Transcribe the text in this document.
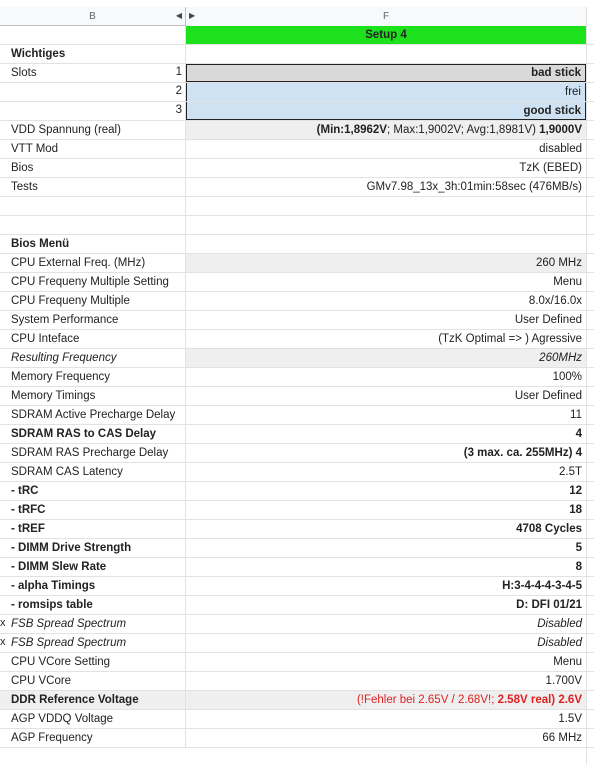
B	◀ ▶	F
Setup 4
Wichtiges
Slots	1	bad stick
2	frei
3	good stick
VDD Spannung (real)	(Min:1,8962V ; Max:1,9002V; Avg:1,8981V) 1,9000V
VTT Mod	disabled
Bios	TzK (EBED)
Tests	GMv7.98_13x_3h:01min:58sec (476MB/s)
Bios Menü
CPU External Freq. (MHz)	260 MHz
CPU Frequeny Multiple Setting	Menu
CPU Frequeny Multiple	8.0x/16.0x
System Performance	User Defined
CPU Inteface	(TzK Optimal => ) Agressive
Resulting Frequency	260MHz
Memory Frequency	100%
Memory Timings	User Defined
SDRAM Active Precharge Delay	11
SDRAM RAS to CAS Delay	4
SDRAM RAS Precharge Delay	(3 max. ca. 255MHz) 4
SDRAM CAS Latency	2.5T
- tRC	12
- tRFC	18
- tREF	4708 Cycles
- DIMM Drive Strength	5
- DIMM Slew Rate	8
- alpha Timings	H:3-4-4-4-3-4-5
- romsips table	D: DFI 01/21
x FSB Spread Spectrum	Disabled
x FSB Spread Spectrum	Disabled
CPU VCore Setting	Menu
CPU VCore	1.700V
DDR Reference Voltage	(!Fehler bei 2.65V / 2.68V!; 2.58V real) 2.6V
AGP VDDQ Voltage	1.5V
AGP Frequency	66 MHz
